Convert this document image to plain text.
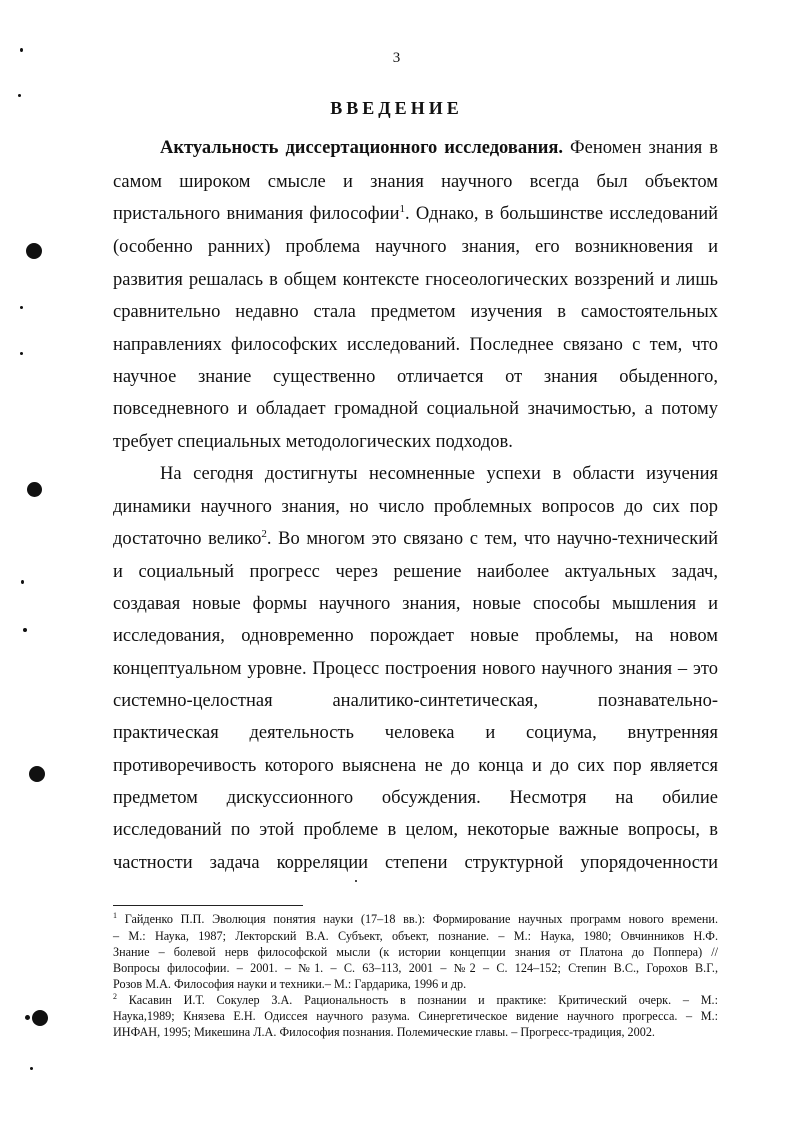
3
ВВЕДЕНИЕ
Актуальность диссертационного исследования. Феномен знания в
самом широком смысле и знания научного всегда был объектом
пристального внимания философии$^1$. Однако, в большинстве исследований
(особенно ранних) проблема научного знания, его возникновения и
развития решалась в общем контексте гносеологических воззрений и лишь
сравнительно недавно стала предметом изучения в самостоятельных
направлениях философских исследований. Последнее связано с тем, что
научное знание существенно отличается от знания обыденного,
повседневного и обладает громадной социальной значимостью, а потому
требует специальных методологических подходов.
На сегодня достигнуты несомненные успехи в области изучения
динамики научного знания, но число проблемных вопросов до сих пор
достаточно велико$^2$. Во многом это связано с тем, что научно-технический
и социальный прогресс через решение наиболее актуальных задач,
создавая новые формы научного знания, новые способы мышления и
исследования, одновременно порождает новые проблемы, на новом
концептуальном уровне. Процесс построения нового научного знания – это
системно-целостная аналитико-синтетическая, познавательно-
практическая деятельность человека и социума, внутренняя
противоречивость которого выяснена не до конца и до сих пор является
предметом дискуссионного обсуждения. Несмотря на обилие
исследований по этой проблеме в целом, некоторые важные вопросы, в
частности задача корреляции степени структурной упорядоченности
$^1$ Гайденко П.П. Эволюция понятия науки (17–18 вв.): Формирование научных программ нового времени.
– М.: Наука, 1987; Лекторский В.А. Субъект, объект, познание. – М.: Наука, 1980; Овчинников Н.Ф.
Знание – болевой нерв философской мысли (к истории концепции знания от Платона до Поппера) //
Вопросы философии. – 2001. – №1. – С. 63–113, 2001 – №2 – С. 124–152; Степин В.С., Горохов В.Г.,
Розов М.А. Философия науки и техники.– М.: Гардарика, 1996 и др.
$^2$ Касавин И.Т. Сокулер З.А. Рациональность в познании и практике: Критический очерк. – М.:
Наука,1989; Князева Е.Н. Одиссея научного разума. Синергетическое видение научного прогресса. – М.:
ИНФАН, 1995; Микешина Л.А. Философия познания. Полемические главы. – Прогресс-традиция, 2002.
